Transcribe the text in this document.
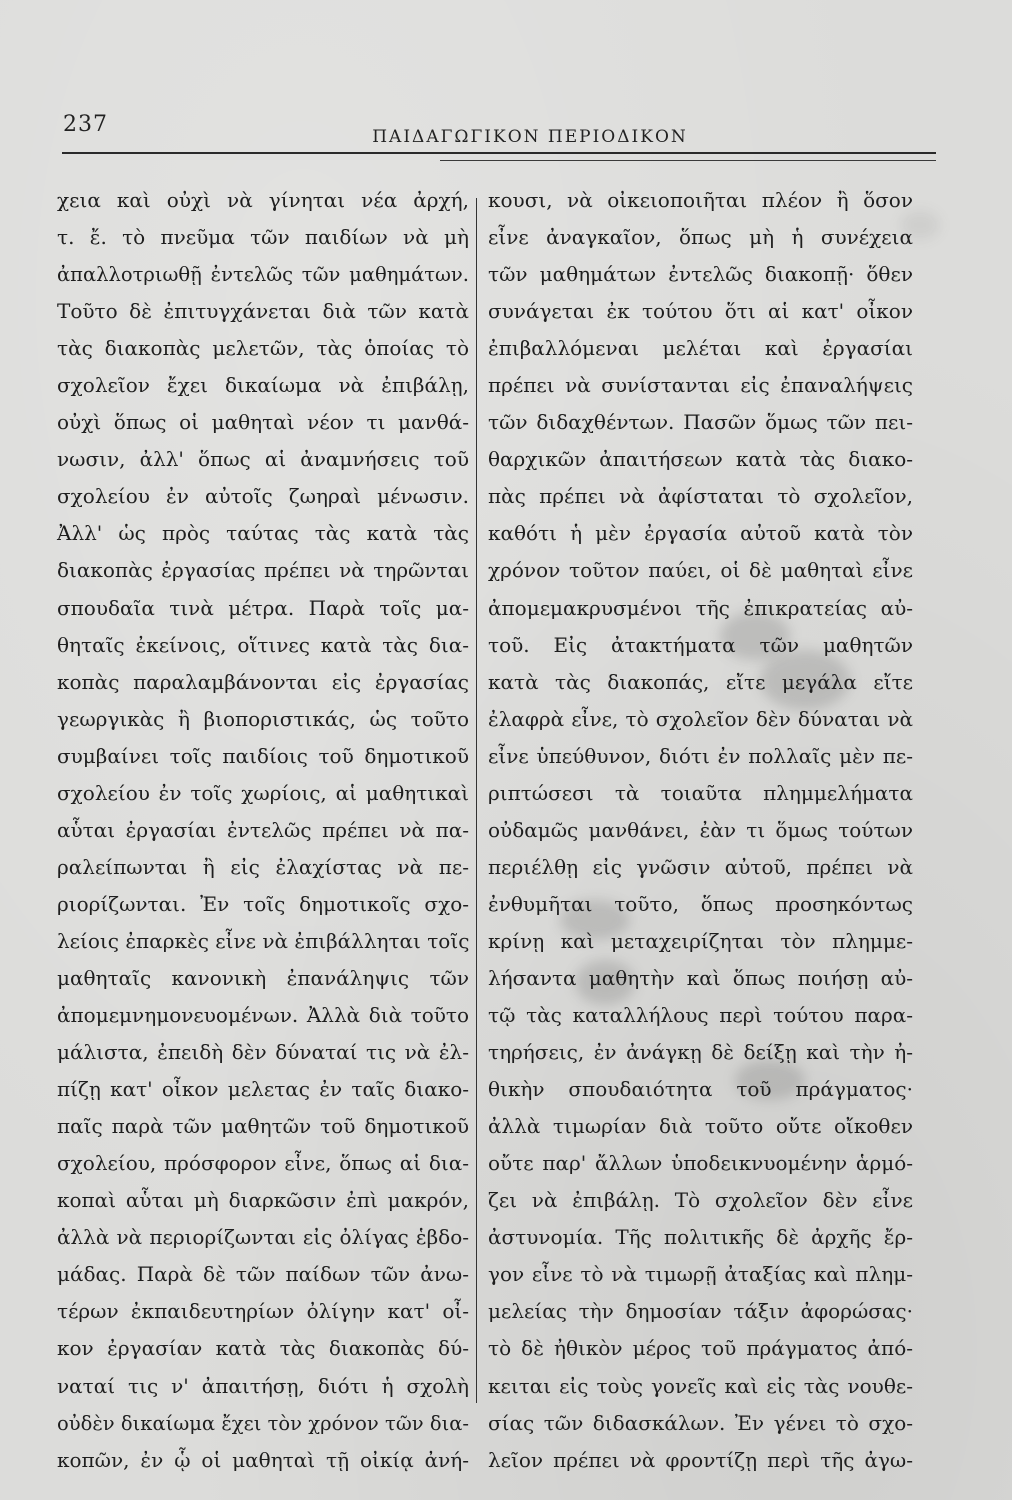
237	ΠΑΙΔΑΓΩΓΙΚΟΝ ΠΕΡΙΟΔΙΚΟΝ
χεια καὶ οὐχὶ νὰ γίνηται νέα ἀρχή,
τ. ἔ. τὸ πνεῦμα τῶν παιδίων νὰ μὴ
ἀπαλλοτριωθῇ ἐντελῶς τῶν μαθημάτων.
Τοῦτο δὲ ἐπιτυγχάνεται διὰ τῶν κατὰ
τὰς διακοπὰς μελετῶν, τὰς ὁποίας τὸ
σχολεῖον ἔχει δικαίωμα νὰ ἐπιβάλῃ,
οὐχὶ ὅπως οἱ μαθηταὶ νέον τι μανθά-
νωσιν, ἀλλ' ὅπως αἱ ἀναμνήσεις τοῦ
σχολείου ἐν αὐτοῖς ζωηραὶ μένωσιν.
Ἀλλ' ὡς πρὸς ταύτας τὰς κατὰ τὰς
διακοπὰς ἐργασίας πρέπει νὰ τηρῶνται
σπουδαῖα τινὰ μέτρα. Παρὰ τοῖς μα-
θηταῖς ἐκείνοις, οἵτινες κατὰ τὰς δια-
κοπὰς παραλαμβάνονται εἰς ἐργασίας
γεωργικὰς ἢ βιοποριστικάς, ὡς τοῦτο
συμβαίνει τοῖς παιδίοις τοῦ δημοτικοῦ
σχολείου ἐν τοῖς χωρίοις, αἱ μαθητικαὶ
αὗται ἐργασίαι ἐντελῶς πρέπει νὰ πα-
ραλείπωνται ἢ εἰς ἐλαχίστας νὰ πε-
ριορίζωνται. Ἐν τοῖς δημοτικοῖς σχο-
λείοις ἐπαρκὲς εἶνε νὰ ἐπιβάλληται τοῖς
μαθηταῖς κανονικὴ ἐπανάληψις τῶν
ἀπομεμνημονευομένων. Ἀλλὰ διὰ τοῦτο
μάλιστα, ἐπειδὴ δὲν δύναταί τις νὰ ἐλ-
πίζῃ κατ' οἶκον μελετας ἐν ταῖς διακο-
παῖς παρὰ τῶν μαθητῶν τοῦ δημοτικοῦ
σχολείου, πρόσφορον εἶνε, ὅπως αἱ δια-
κοπαὶ αὗται μὴ διαρκῶσιν ἐπὶ μακρόν,
ἀλλὰ νὰ περιορίζωνται εἰς ὀλίγας ἑβδο-
μάδας. Παρὰ δὲ τῶν παίδων τῶν ἀνω-
τέρων ἐκπαιδευτηρίων ὀλίγην κατ' οἶ-
κον ἐργασίαν κατὰ τὰς διακοπὰς δύ-
ναταί τις ν' ἀπαιτήσῃ, διότι ἡ σχολὴ
οὐδὲν δικαίωμα ἔχει τὸν χρόνον τῶν δια-
κοπῶν, ἐν ᾧ οἱ μαθηταὶ τῇ οἰκίᾳ ἀνή-
κουσι, νὰ οἰκειοποιῆται πλέον ἢ ὅσον
εἶνε ἀναγκαῖον, ὅπως μὴ ἡ συνέχεια
τῶν μαθημάτων ἐντελῶς διακοπῇ· ὅθεν
συνάγεται ἐκ τούτου ὅτι αἱ κατ' οἶκον
ἐπιβαλλόμεναι μελέται καὶ ἐργασίαι
πρέπει νὰ συνίστανται εἰς ἐπαναλήψεις
τῶν διδαχθέντων. Πασῶν ὅμως τῶν πει-
θαρχικῶν ἀπαιτήσεων κατὰ τὰς διακο-
πὰς πρέπει νὰ ἀφίσταται τὸ σχολεῖον,
καθότι ἡ μὲν ἐργασία αὐτοῦ κατὰ τὸν
χρόνον τοῦτον παύει, οἱ δὲ μαθηταὶ εἶνε
ἀπομεμακρυσμένοι τῆς ἐπικρατείας αὐ-
τοῦ. Εἰς ἀτακτήματα τῶν μαθητῶν
κατὰ τὰς διακοπάς, εἴτε μεγάλα εἴτε
ἐλαφρὰ εἶνε, τὸ σχολεῖον δὲν δύναται νὰ
εἶνε ὑπεύθυνον, διότι ἐν πολλαῖς μὲν πε-
ριπτώσεσι τὰ τοιαῦτα πλημμελήματα
οὐδαμῶς μανθάνει, ἐὰν τι ὅμως τούτων
περιέλθῃ εἰς γνῶσιν αὐτοῦ, πρέπει νὰ
ἐνθυμῆται τοῦτο, ὅπως προσηκόντως
κρίνῃ καὶ μεταχειρίζηται τὸν πλημμε-
λήσαντα μαθητὴν καὶ ὅπως ποιήσῃ αὐ-
τῷ τὰς καταλλήλους περὶ τούτου παρα-
τηρήσεις, ἐν ἀνάγκῃ δὲ δείξῃ καὶ τὴν ἠ-
θικὴν σπουδαιότητα τοῦ πράγματος·
ἀλλὰ τιμωρίαν διὰ τοῦτο οὔτε οἴκοθεν
οὔτε παρ' ἄλλων ὑποδεικνυομένην ἁρμό-
ζει νὰ ἐπιβάλῃ. Τὸ σχολεῖον δὲν εἶνε
ἀστυνομία. Τῆς πολιτικῆς δὲ ἀρχῆς ἔρ-
γον εἶνε τὸ νὰ τιμωρῇ ἀταξίας καὶ πλημ-
μελείας τὴν δημοσίαν τάξιν ἀφορώσας·
τὸ δὲ ἠθικὸν μέρος τοῦ πράγματος ἀπό-
κειται εἰς τοὺς γονεῖς καὶ εἰς τὰς νουθε-
σίας τῶν διδασκάλων. Ἐν γένει τὸ σχο-
λεῖον πρέπει νὰ φροντίζῃ περὶ τῆς ἀγω-
